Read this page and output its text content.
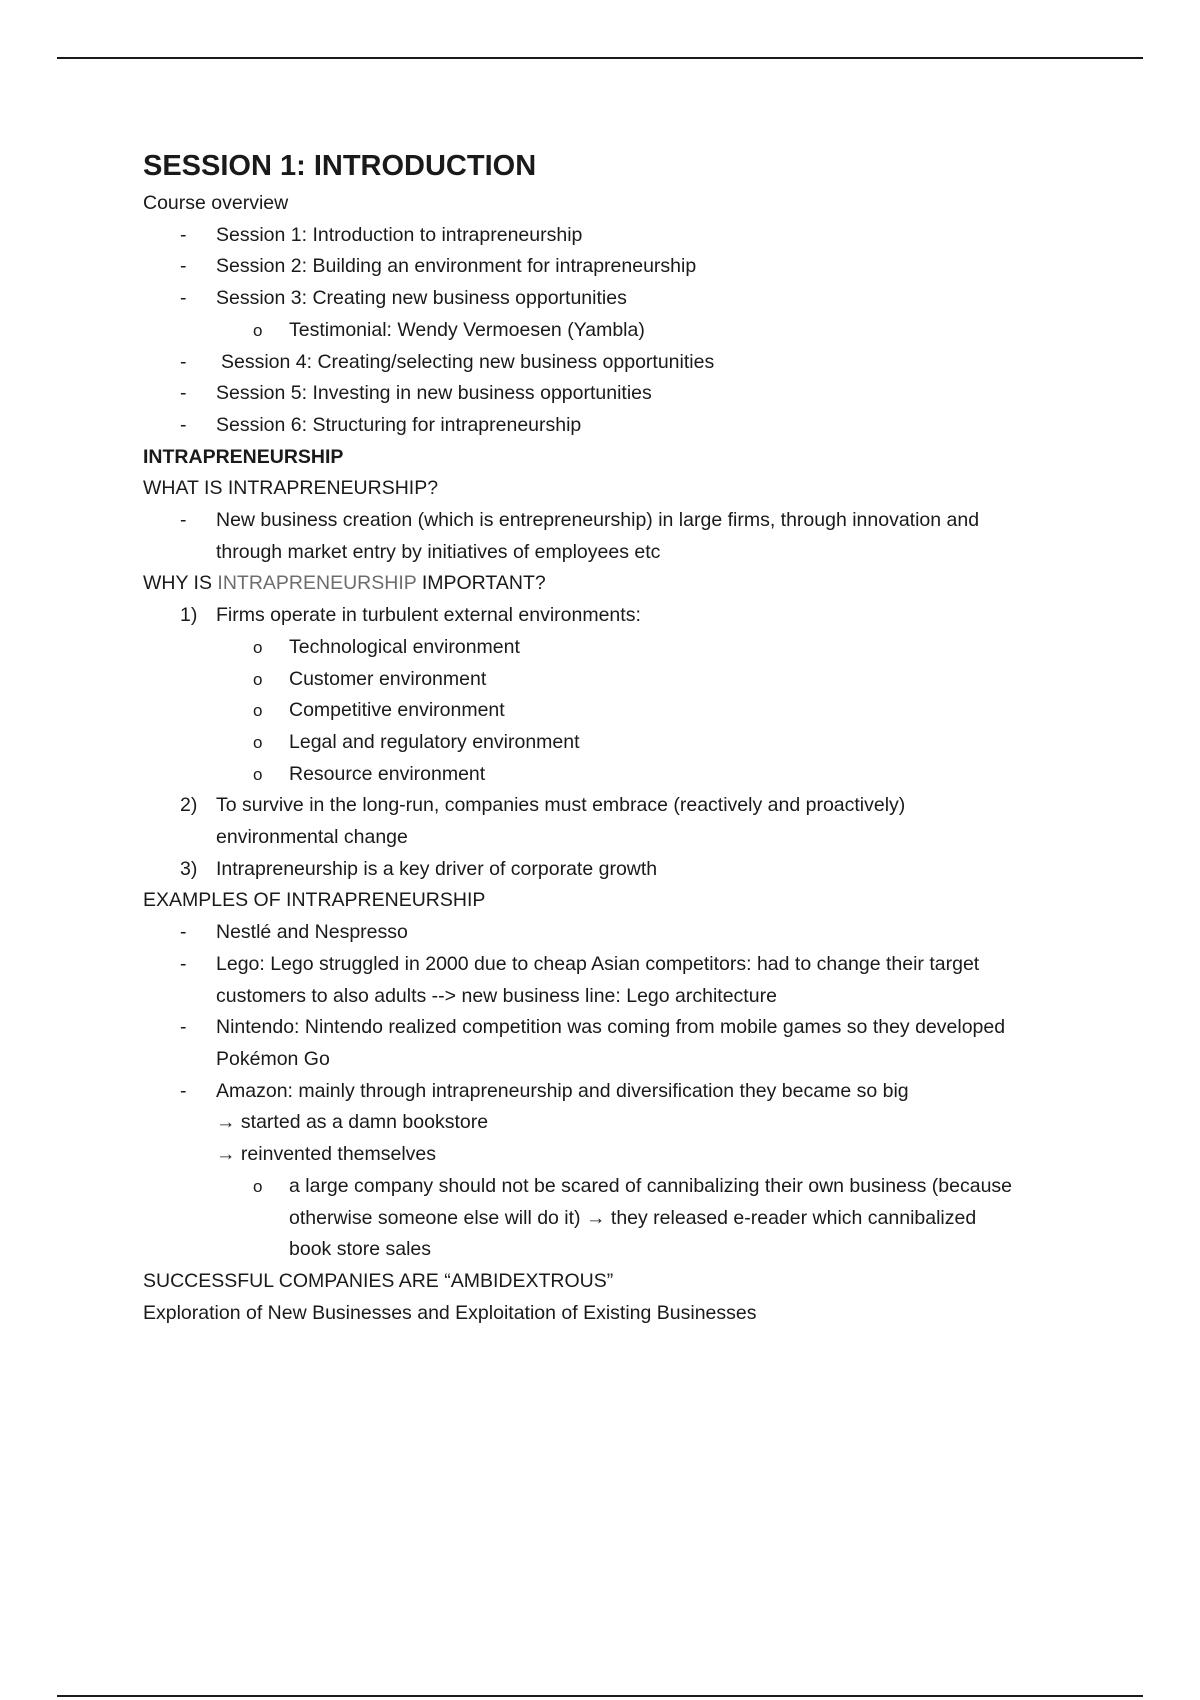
SESSION 1: INTRODUCTION
Course overview
- Session 1: Introduction to intrapreneurship
- Session 2: Building an environment for intrapreneurship
- Session 3: Creating new business opportunities
o Testimonial: Wendy Vermoesen (Yambla)
- Session 4: Creating/selecting new business opportunities
- Session 5: Investing in new business opportunities
- Session 6: Structuring for intrapreneurship
INTRAPRENEURSHIP
WHAT IS INTRAPRENEURSHIP?
- New business creation (which is entrepreneurship) in large firms, through innovation and
through market entry by initiatives of employees etc
WHY IS INTRAPRENEURSHIP IMPORTANT?
1) Firms operate in turbulent external environments:
o Technological environment
o Customer environment
o Competitive environment
o Legal and regulatory environment
o Resource environment
2) To survive in the long-run, companies must embrace (reactively and proactively)
environmental change
3) Intrapreneurship is a key driver of corporate growth
EXAMPLES OF INTRAPRENEURSHIP
- Nestlé and Nespresso
- Lego: Lego struggled in 2000 due to cheap Asian competitors: had to change their target
customers to also adults --> new business line: Lego architecture
- Nintendo: Nintendo realized competition was coming from mobile games so they developed
Pokémon Go
- Amazon: mainly through intrapreneurship and diversification they became so big
→ started as a damn bookstore
→ reinvented themselves
o a large company should not be scared of cannibalizing their own business (because
otherwise someone else will do it) → they released e-reader which cannibalized
book store sales
SUCCESSFUL COMPANIES ARE “AMBIDEXTROUS”
Exploration of New Businesses and Exploitation of Existing Businesses
